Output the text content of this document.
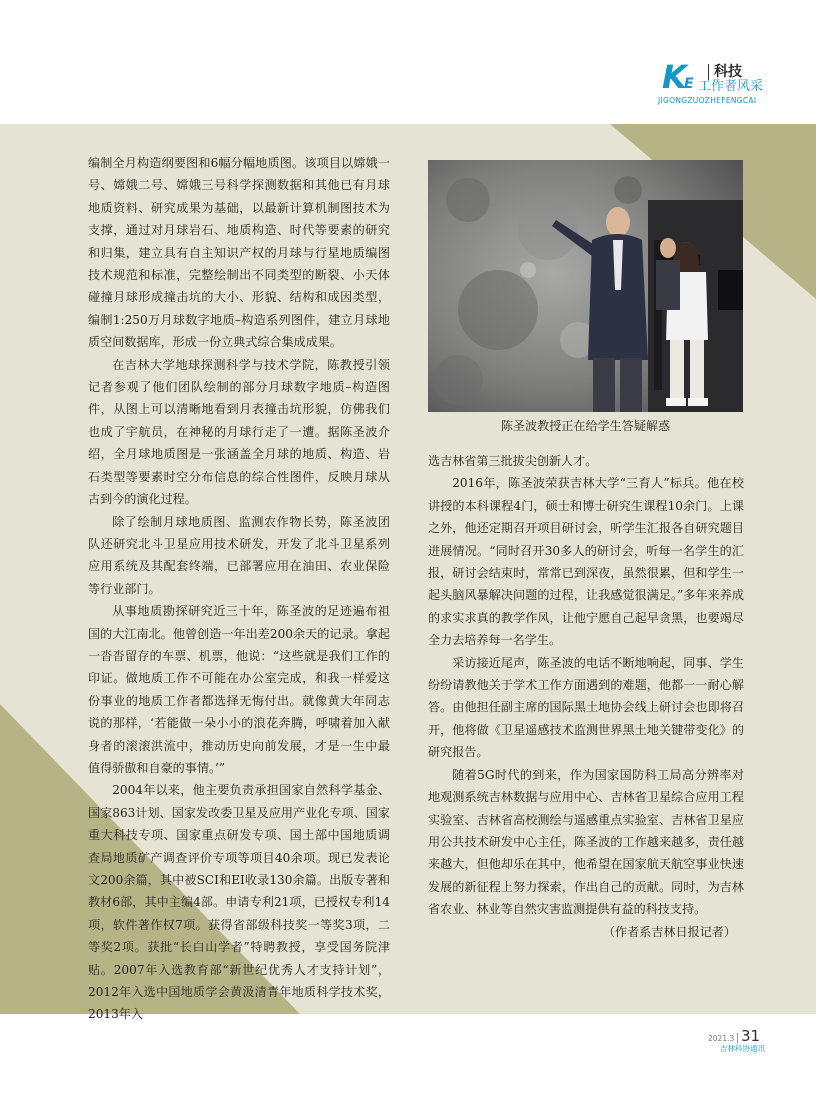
K
E
科技
工作者风采
JIGONGZUOZHEFENGCAI

编制全月构造纲要图和6幅分幅地质图。该项目以嫦娥一号、嫦娥二号、嫦娥三号科学探测数据和其他已有月球地质资料、研究成果为基础，以最新计算机制图技术为支撑，通过对月球岩石、地质构造、时代等要素的研究和归集，建立具有自主知识产权的月球与行星地质编图技术规范和标准，完整绘制出不同类型的断裂、小天体碰撞月球形成撞击坑的大小、形貌、结构和成因类型，编制1:250万月球数字地质–构造系列图件，建立月球地质空间数据库，形成一份立典式综合集成成果。

在吉林大学地球探测科学与技术学院，陈教授引领记者参观了他们团队绘制的部分月球数字地质–构造图件，从图上可以清晰地看到月表撞击坑形貌，仿佛我们也成了宇航员，在神秘的月球行走了一遭。据陈圣波介绍，全月球地质图是一张涵盖全月球的地质、构造、岩石类型等要素时空分布信息的综合性图件，反映月球从古到今的演化过程。

除了绘制月球地质图、监测农作物长势，陈圣波团队还研究北斗卫星应用技术研发，开发了北斗卫星系列应用系统及其配套终端，已部署应用在油田、农业保险等行业部门。

从事地质勘探研究近三十年，陈圣波的足迹遍布祖国的大江南北。他曾创造一年出差200余天的记录。拿起一沓沓留存的车票、机票，他说：“这些就是我们工作的印证。做地质工作不可能在办公室完成，和我一样爱这份事业的地质工作者都选择无悔付出。就像黄大年同志说的那样，‘若能做一朵小小的浪花奔腾，呼啸着加入献身者的滚滚洪流中，推动历史向前发展，才是一生中最值得骄傲和自豪的事情。’”

2004年以来，他主要负责承担国家自然科学基金、国家863计划、国家发改委卫星及应用产业化专项、国家重大科技专项、国家重点研发专项、国土部中国地质调查局地质矿产调查评价专项等项目40余项。现已发表论文200余篇，其中被SCI和EI收录130余篇。出版专著和教材6部，其中主编4部。申请专利21项，已授权专利14项，软件著作权7项。获得省部级科技奖一等奖3项，二等奖2项。获批“长白山学者”特聘教授，享受国务院津贴。2007年入选教育部“新世纪优秀人才支持计划”，2012年入选中国地质学会黄汲清青年地质科学技术奖，2013年入

陈圣波教授正在给学生答疑解惑

选吉林省第三批拔尖创新人才。

2016年，陈圣波荣获吉林大学“三育人”标兵。他在校讲授的本科课程4门，硕士和博士研究生课程10余门。上课之外，他还定期召开项目研讨会，听学生汇报各自研究题目进展情况。“同时召开30多人的研讨会，听每一名学生的汇报，研讨会结束时，常常已到深夜，虽然很累，但和学生一起头脑风暴解决问题的过程，让我感觉很满足。”多年来养成的求实求真的教学作风，让他宁愿自己起早贪黑，也要竭尽全力去培养每一名学生。

采访接近尾声，陈圣波的电话不断地响起，同事、学生纷纷请教他关于学术工作方面遇到的难题，他都一一耐心解答。由他担任副主席的国际黑土地协会线上研讨会也即将召开，他将做《卫星遥感技术监测世界黑土地关键带变化》的研究报告。

随着5G时代的到来，作为国家国防科工局高分辨率对地观测系统吉林数据与应用中心、吉林省卫星综合应用工程实验室、吉林省高校测绘与遥感重点实验室、吉林省卫星应用公共技术研发中心主任，陈圣波的工作越来越多，责任越来越大，但他却乐在其中，他希望在国家航天航空事业快速发展的新征程上努力探索，作出自己的贡献。同时，为吉林省农业、林业等自然灾害监测提供有益的科技支持。

（作者系吉林日报记者）

2021.3 31
吉林科协通讯
